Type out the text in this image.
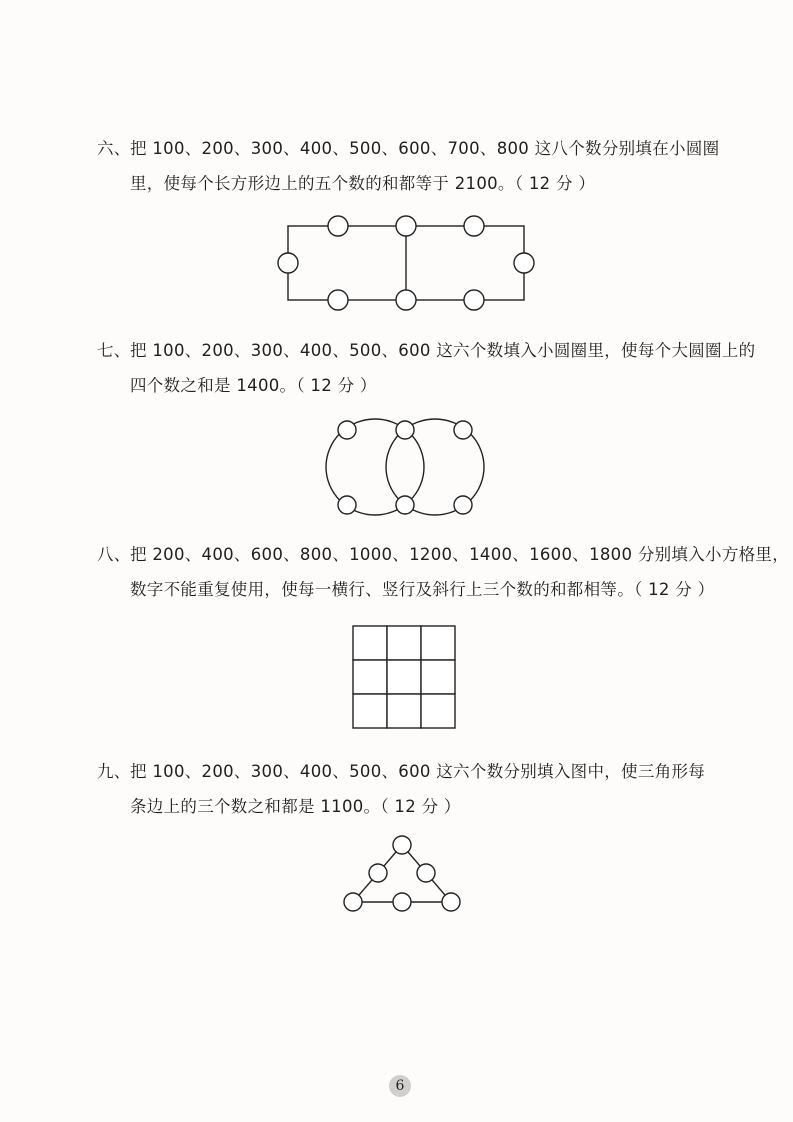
六、把 100、200、300、400、500、600、700、800 这八个数分别填在小圆圈
里，使每个长方形边上的五个数的和都等于 2100。（ 12 分 ）
七、把 100、200、300、400、500、600 这六个数填入小圆圈里，使每个大圆圈上的
四个数之和是 1400。（ 12 分 ）
八、把 200、400、600、800、1000、1200、1400、1600、1800 分别填入小方格里，
数字不能重复使用，使每一横行、竖行及斜行上三个数的和都相等。（ 12 分 ）
九、把 100、200、300、400、500、600 这六个数分别填入图中，使三角形每
条边上的三个数之和都是 1100。（ 12 分 ）
6
